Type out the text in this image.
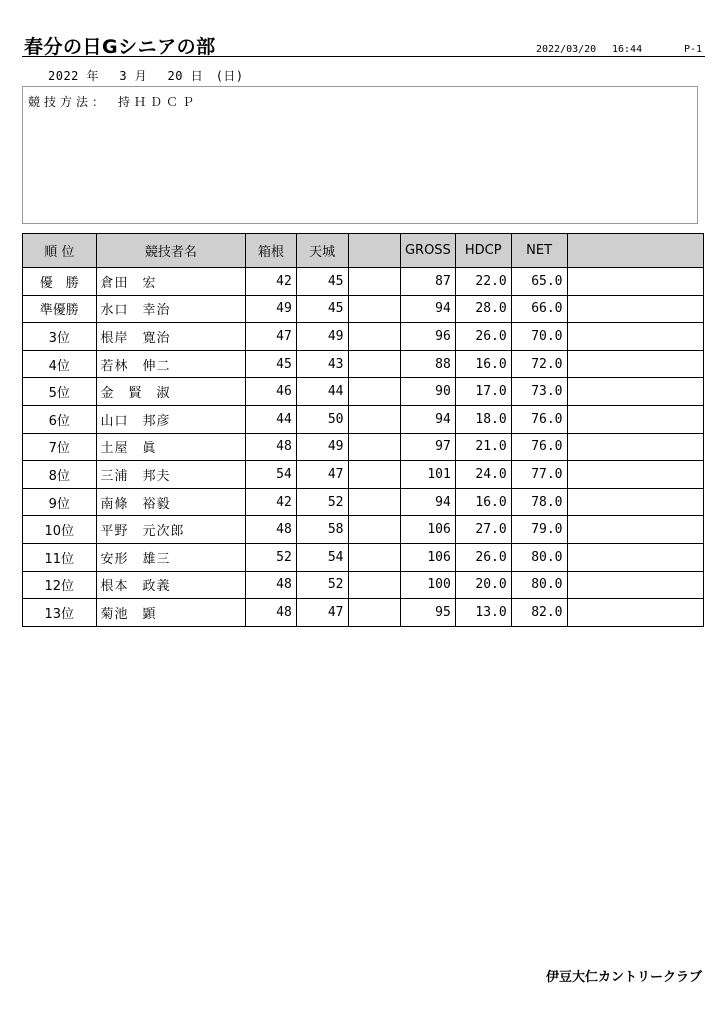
春分の日Gシニアの部	2022/03/20 16:44	P-1
2022 年　 3 月　 20 日　(日)
競技方法：　持ＨＤＣＰ
順 位	競技者名	箱根	天城		GROSS	HDCP	NET	
優　勝	倉田　宏	42	45		87	22.0	65.0	
準優勝	水口　幸治	49	45		94	28.0	66.0	
3位	根岸　寛治	47	49		96	26.0	70.0	
4位	若林　伸二	45	43		88	16.0	72.0	
5位	金　賢　淑	46	44		90	17.0	73.0	
6位	山口　邦彦	44	50		94	18.0	76.0	
7位	土屋　眞	48	49		97	21.0	76.0	
8位	三浦　邦夫	54	47		101	24.0	77.0	
9位	南條　裕毅	42	52		94	16.0	78.0	
10位	平野　元次郎	48	58		106	27.0	79.0	
11位	安形　雄三	52	54		106	26.0	80.0	
12位	根本　政義	48	52		100	20.0	80.0	
13位	菊池　顕	48	47		95	13.0	82.0	
伊豆大仁カントリークラブ
